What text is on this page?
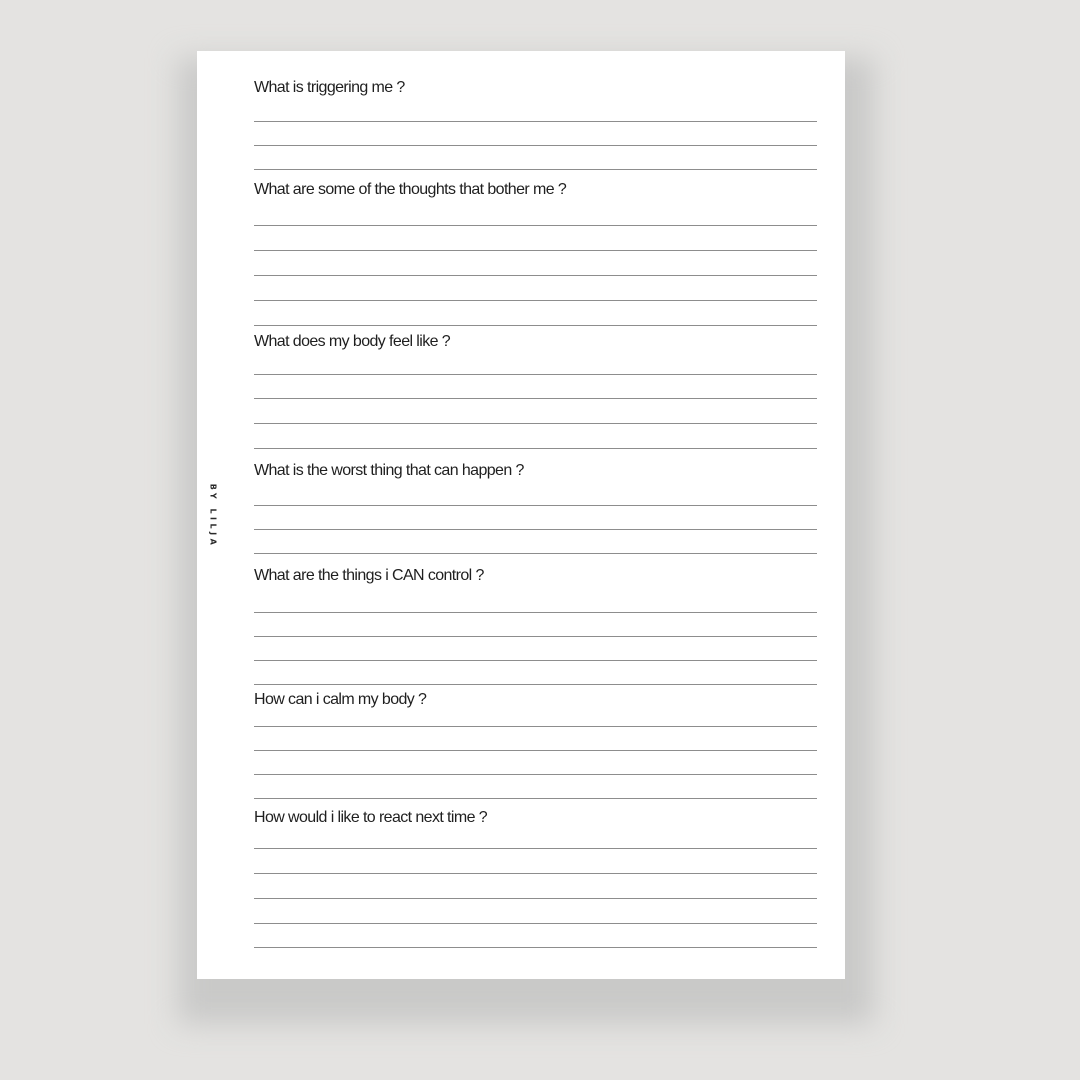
BY LILJA
What is triggering me ?
What are some of the thoughts that bother me ?
What does my body feel like ?
What is the worst thing that can happen ?
What are the things i CAN control ?
How can i calm my body ?
How would i like to react next time ?
